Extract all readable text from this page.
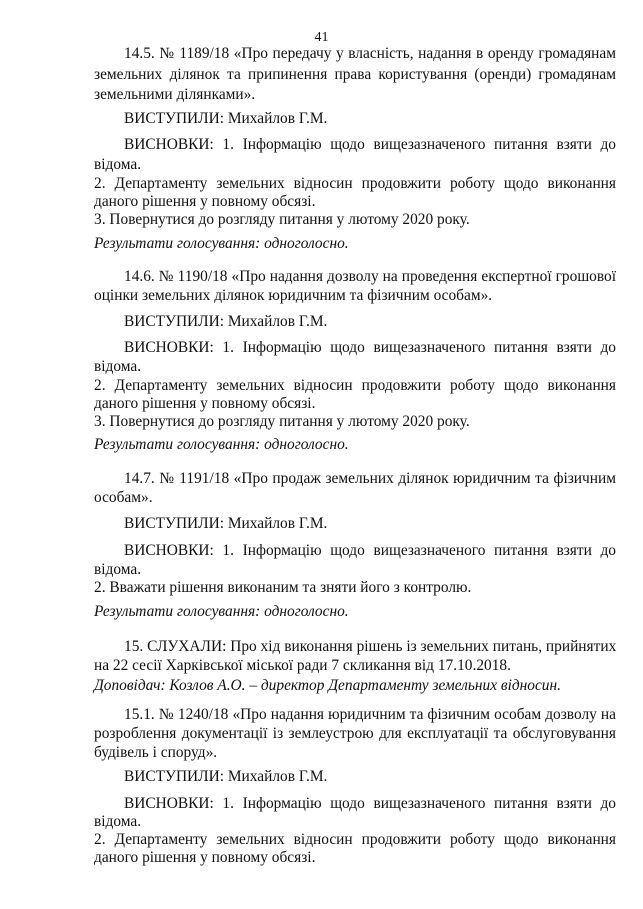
41
14.5. № 1189/18 «Про передачу у власність, надання в оренду громадянам
земельних ділянок та припинення права користування (оренди) громадянам
земельними ділянками».
ВИСТУПИЛИ: Михайлов Г.М.
ВИСНОВКИ: 1. Інформацію щодо вищезазначеного питання взяти до
відома.
2. Департаменту земельних відносин продовжити роботу щодо виконання
даного рішення у повному обсязі.
3. Повернутися до розгляду питання у лютому 2020 року.
Результати голосування: одноголосно.
14.6. № 1190/18 «Про надання дозволу на проведення експертної грошової
оцінки земельних ділянок юридичним та фізичним особам».
ВИСТУПИЛИ: Михайлов Г.М.
ВИСНОВКИ: 1. Інформацію щодо вищезазначеного питання взяти до
відома.
2. Департаменту земельних відносин продовжити роботу щодо виконання
даного рішення у повному обсязі.
3. Повернутися до розгляду питання у лютому 2020 року.
Результати голосування: одноголосно.
14.7. № 1191/18 «Про продаж земельних ділянок юридичним та фізичним
особам».
ВИСТУПИЛИ: Михайлов Г.М.
ВИСНОВКИ: 1. Інформацію щодо вищезазначеного питання взяти до
відома.
2. Вважати рішення виконаним та зняти його з контролю.
Результати голосування: одноголосно.
15. СЛУХАЛИ: Про хід виконання рішень із земельних питань, прийнятих
на 22 сесії Харківської міської ради 7 скликання від 17.10.2018.
Доповідач: Козлов А.О. – директор Департаменту земельних відносин.
15.1. № 1240/18 «Про надання юридичним та фізичним особам дозволу на
розроблення документації із землеустрою для експлуатації та обслуговування
будівель і споруд».
ВИСТУПИЛИ: Михайлов Г.М.
ВИСНОВКИ: 1. Інформацію щодо вищезазначеного питання взяти до
відома.
2. Департаменту земельних відносин продовжити роботу щодо виконання
даного рішення у повному обсязі.
